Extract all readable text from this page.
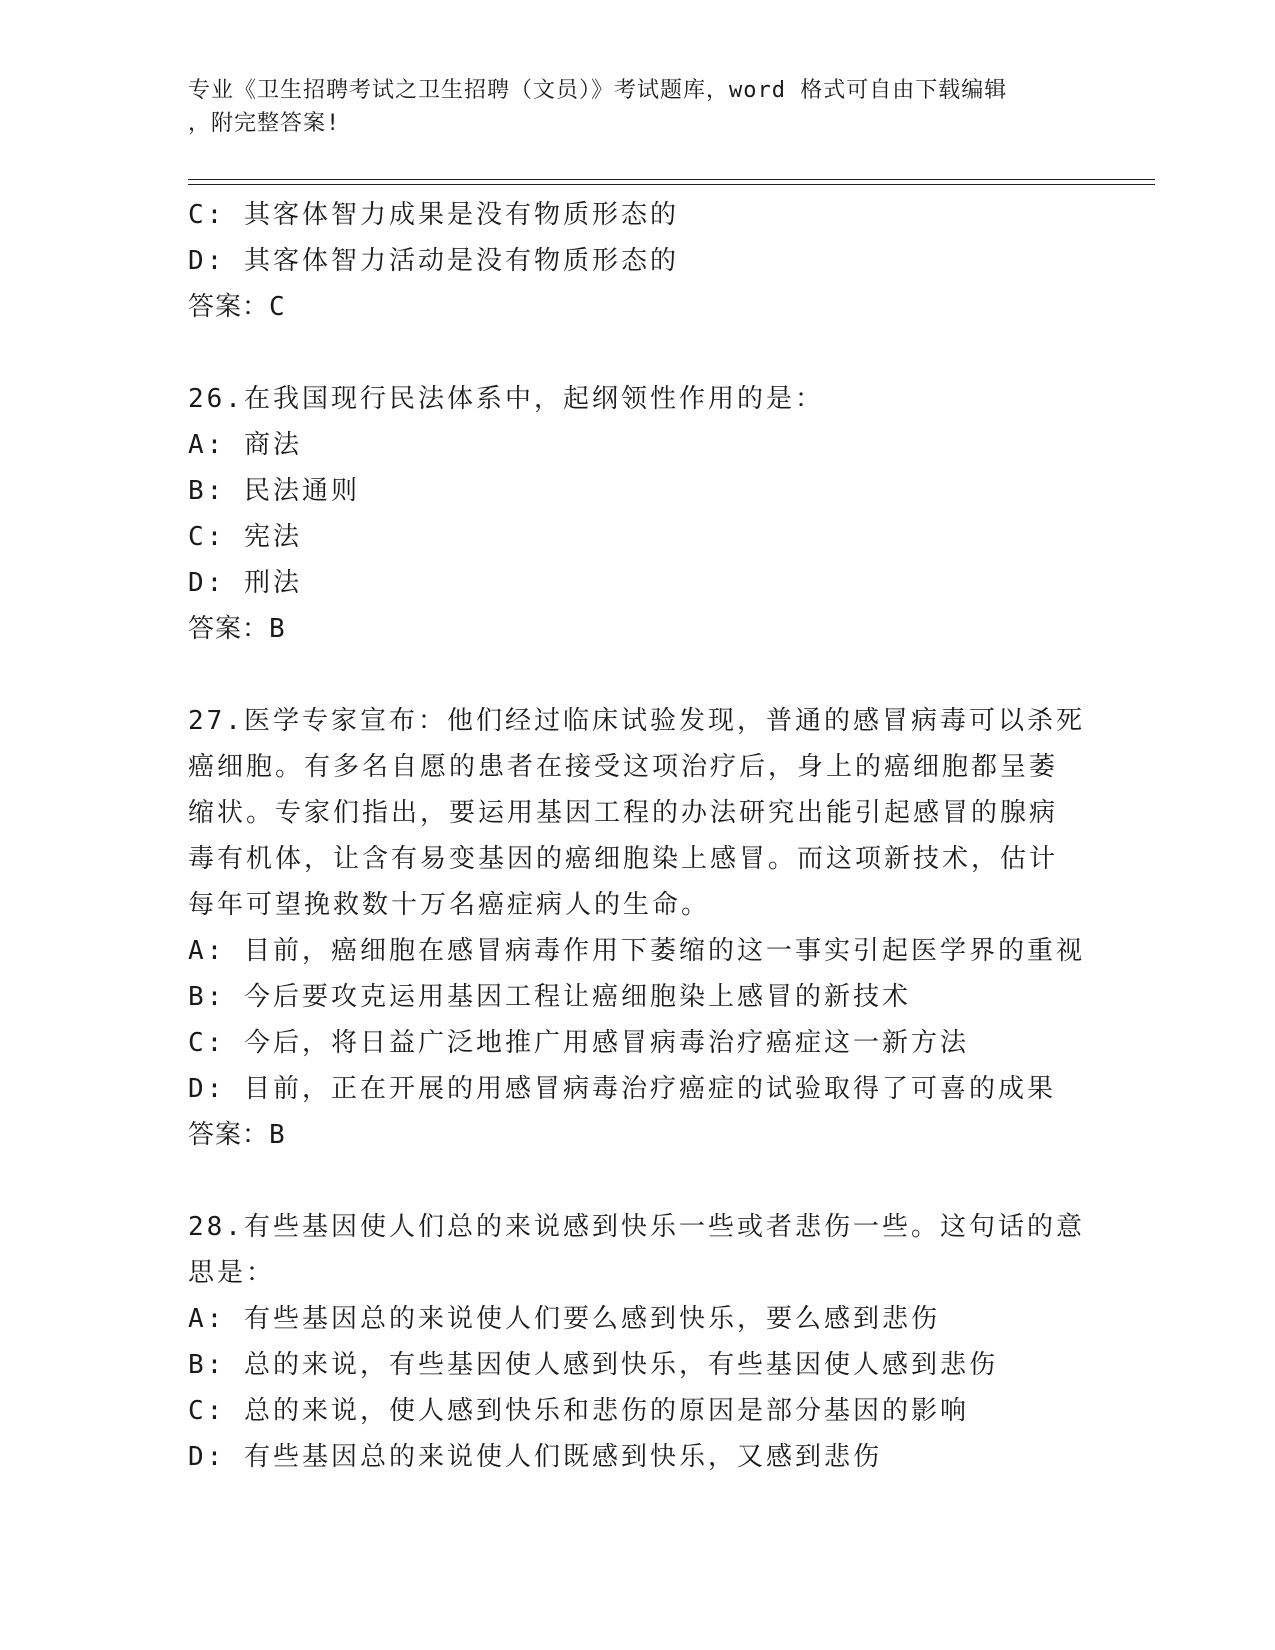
专业《卫生招聘考试之卫生招聘（文员）》考试题库，word 格式可自由下载编辑
，附完整答案!
C: 其客体智力成果是没有物质形态的
D: 其客体智力活动是没有物质形态的
答案：C
26.在我国现行民法体系中，起纲领性作用的是：
A: 商法
B: 民法通则
C: 宪法
D: 刑法
答案：B
27.医学专家宣布：他们经过临床试验发现，普通的感冒病毒可以杀死
癌细胞。有多名自愿的患者在接受这项治疗后，身上的癌细胞都呈萎
缩状。专家们指出，要运用基因工程的办法研究出能引起感冒的腺病
毒有机体，让含有易变基因的癌细胞染上感冒。而这项新技术，估计
每年可望挽救数十万名癌症病人的生命。
A: 目前，癌细胞在感冒病毒作用下萎缩的这一事实引起医学界的重视
B: 今后要攻克运用基因工程让癌细胞染上感冒的新技术
C: 今后，将日益广泛地推广用感冒病毒治疗癌症这一新方法
D: 目前，正在开展的用感冒病毒治疗癌症的试验取得了可喜的成果
答案：B
28.有些基因使人们总的来说感到快乐一些或者悲伤一些。这句话的意
思是：
A: 有些基因总的来说使人们要么感到快乐，要么感到悲伤
B: 总的来说，有些基因使人感到快乐，有些基因使人感到悲伤
C: 总的来说，使人感到快乐和悲伤的原因是部分基因的影响
D: 有些基因总的来说使人们既感到快乐，又感到悲伤
